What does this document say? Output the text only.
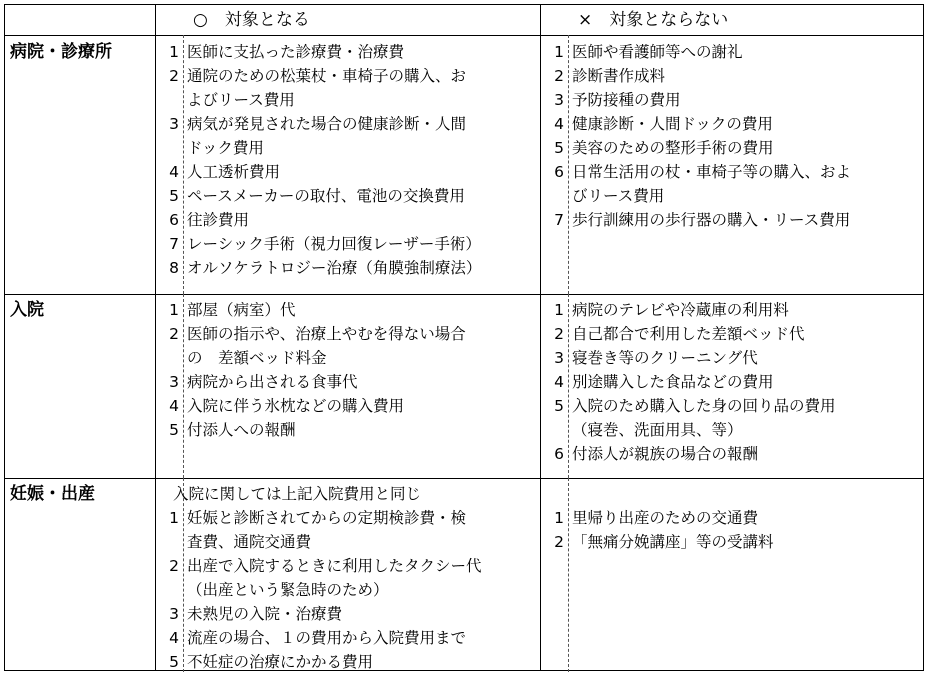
○　 対象となる	×　 対象とならない
病院・診療所
入院
妊娠・出産
1 医師に支払った診療費・治療費
2 通院のための松葉杖・車椅子の購入、お
よびリース費用
3 病気が発見された場合の健康診断・人間
ドック費用
4 人工透析費用
5 ペースメーカーの取付、電池の交換費用
6 往診費用
7 レーシック手術（視力回復レーザー手術）
8 オルソケラトロジー治療（角膜強制療法）
1 医師や看護師等への謝礼
2 診断書作成料
3 予防接種の費用
4 健康診断・人間ドックの費用
5 美容のための整形手術の費用
6 日常生活用の杖・車椅子等の購入、およ
びリース費用
7 歩行訓練用の歩行器の購入・リース費用
1 部屋（病室）代
2 医師の指示や、治療上やむを得ない場合
の　差額ベッド料金
3 病院から出される食事代
4 入院に伴う氷枕などの購入費用
5 付添人への報酬
1 病院のテレビや冷蔵庫の利用料
2 自己都合で利用した差額ベッド代
3 寝巻き等のクリーニング代
4 別途購入した食品などの費用
5 入院のため購入した身の回り品の費用
（寝巻、洗面用具、等）
6 付添人が親族の場合の報酬
入院に関しては上記入院費用と同じ
1 妊娠と診断されてからの定期検診費・検
査費、通院交通費
2 出産で入院するときに利用したタクシー代
（出産という緊急時のため）
3 未熟児の入院・治療費
4 流産の場合、１の費用から入院費用まで
5 不妊症の治療にかかる費用
1 里帰り出産のための交通費
2 「無痛分娩講座」等の受講料
